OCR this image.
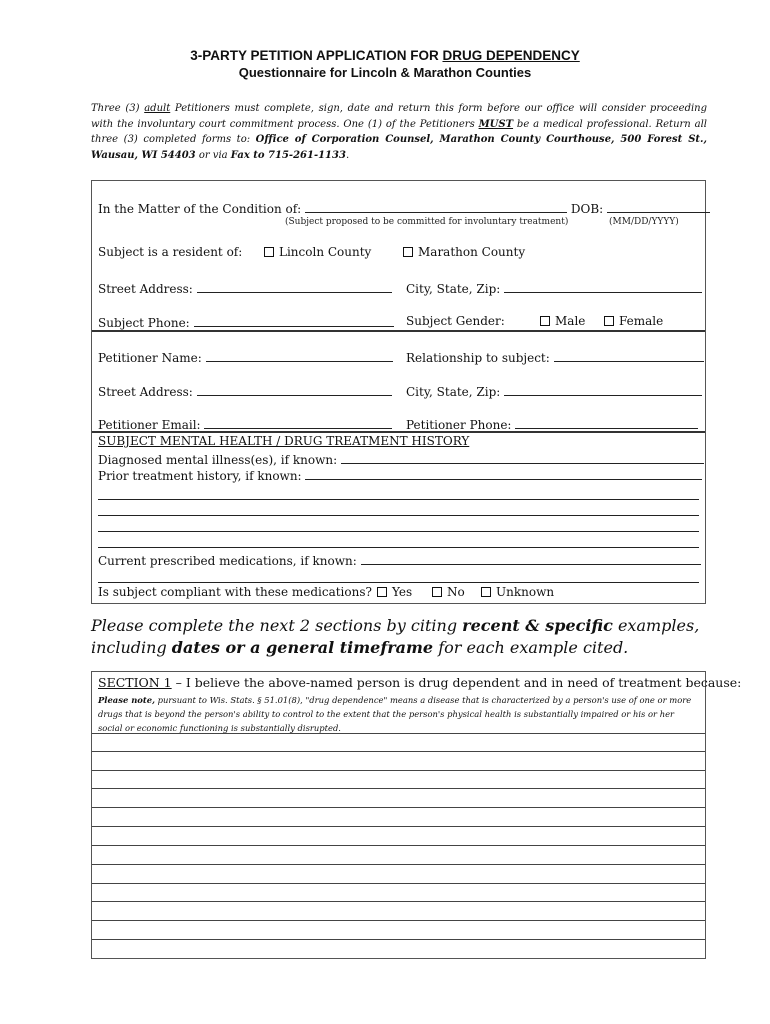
3-PARTY PETITION APPLICATION FOR DRUG DEPENDENCY
Questionnaire for Lincoln & Marathon Counties
Three (3) adult Petitioners must complete, sign, date and return this form before our office will consider proceeding with the involuntary court commitment process. One (1) of the Petitioners MUST be a medical professional. Return all three (3) completed forms to: Office of Corporation Counsel, Marathon County Courthouse, 500 Forest St., Wausau, WI 54403 or via Fax to 715-261-1133.
In the Matter of the Condition of:	DOB:
(Subject proposed to be committed for involuntary treatment)	(MM/DD/YYYY)
Subject is a resident of:	Lincoln County	Marathon County
Street Address:	City, State, Zip:
Subject Phone:	Subject Gender:	Male	Female
Petitioner Name:	Relationship to subject:
Street Address:	City, State, Zip:
Petitioner Email:	Petitioner Phone:
SUBJECT MENTAL HEALTH / DRUG TREATMENT HISTORY
Diagnosed mental illness(es), if known:
Prior treatment history, if known:
Current prescribed medications, if known:
Is subject compliant with these medications?	Yes	No	Unknown
Please complete the next 2 sections by citing recent & specific examples, including dates or a general timeframe for each example cited.
SECTION 1 – I believe the above-named person is drug dependent and in need of treatment because:
Please note, pursuant to Wis. Stats. § 51.01(8), "drug dependence" means a disease that is characterized by a person's use of one or more drugs that is beyond the person's ability to control to the extent that the person's physical health is substantially impaired or his or her social or economic functioning is substantially disrupted.
